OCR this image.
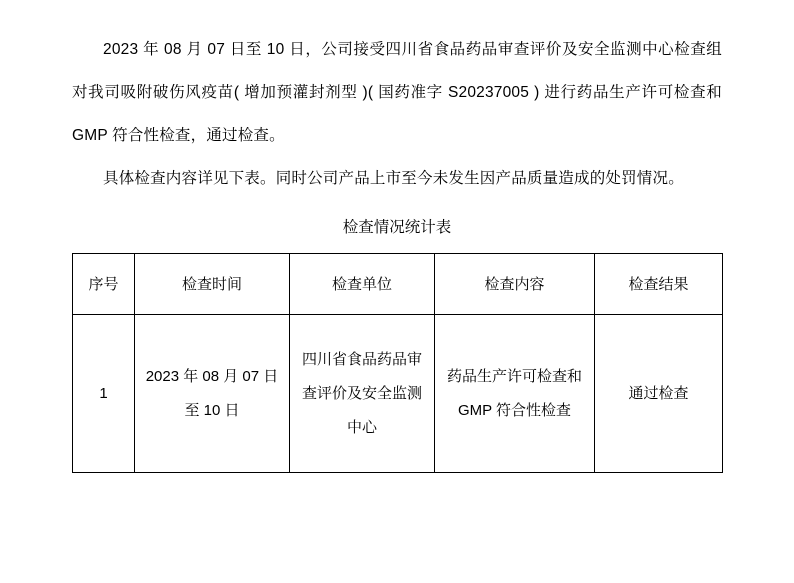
2023 年 08 月 07 日至 10 日，公司接受四川省食品药品审查评价及安全监测中心检查组对我司吸附破伤风疫苗( 增加预灌封剂型 )( 国药准字 S20237005 ) 进行药品生产许可检查和 GMP 符合性检查，通过检查。

具体检查内容详见下表。同时公司产品上市至今未发生因产品质量造成的处罚情况。

检查情况统计表
序号	检查时间	检查单位	检查内容	检查结果
1	2023 年 08 月 07 日至 10 日	四川省食品药品审查评价及安全监测中心	药品生产许可检查和 GMP 符合性检查	通过检查
